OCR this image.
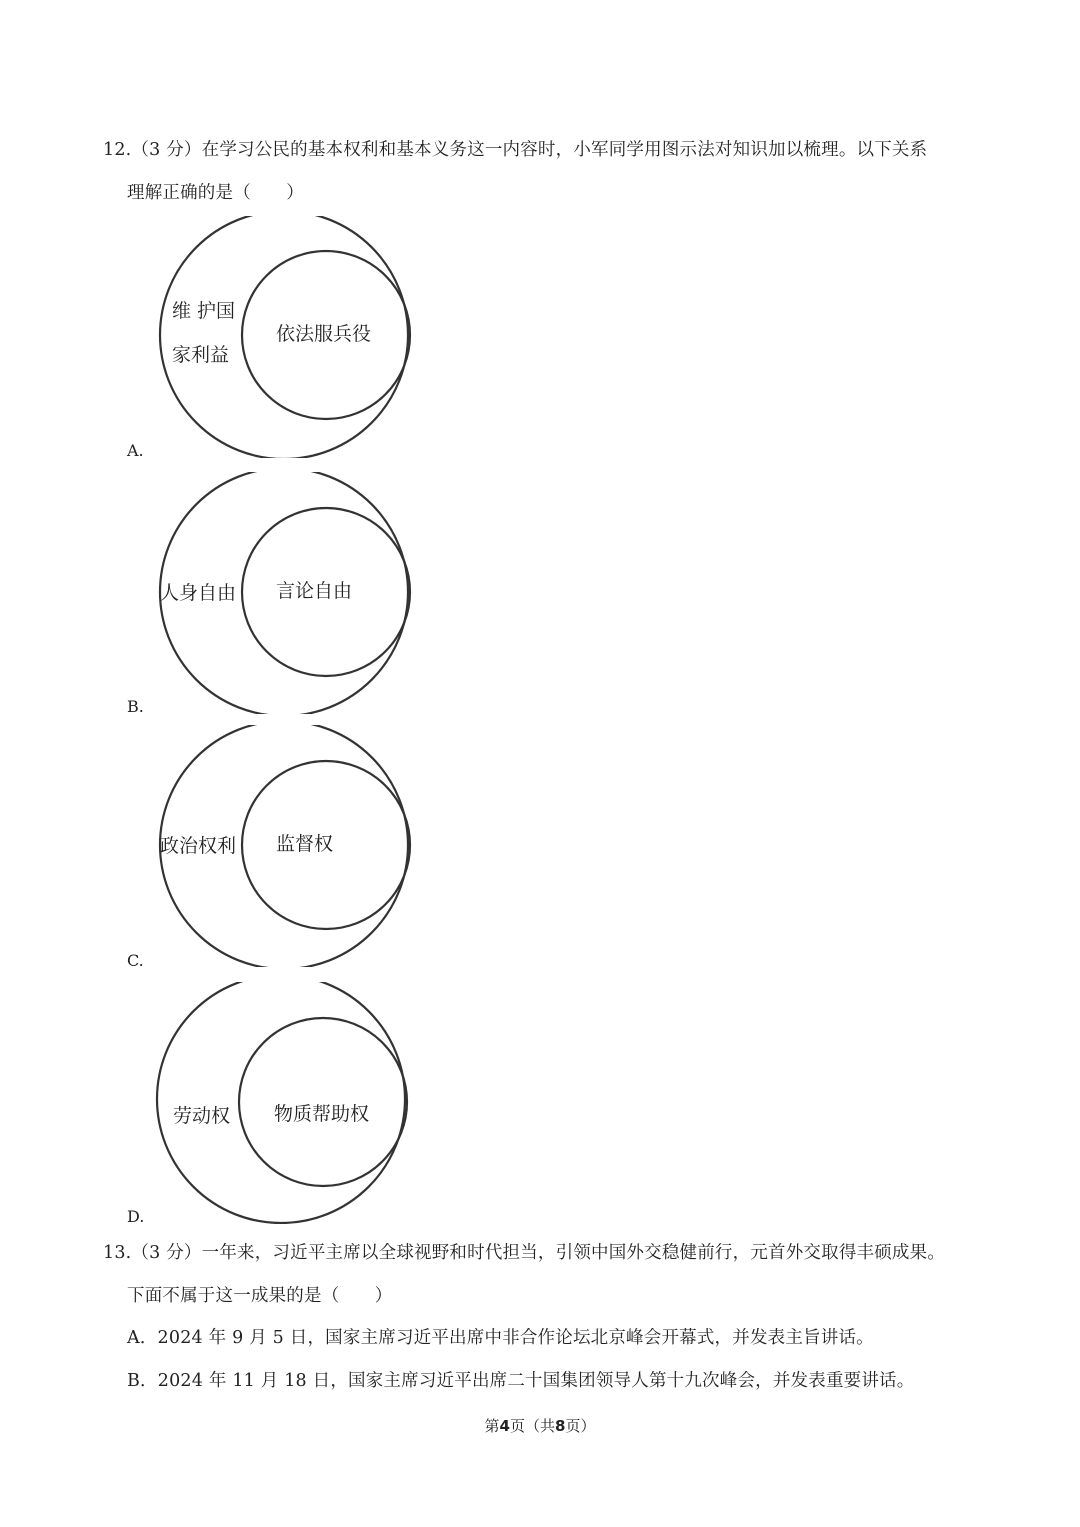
12.（3 分）在学习公民的基本权利和基本义务这一内容时，小军同学用图示法对知识加以梳理。以下关系
理解正确的是（　　）
维 护国
家利益
依法服兵役
A.
人身自由 言论自由
B.
政治权利 监督权
C.
劳动权 物质帮助权
D.
13.（3 分）一年来，习近平主席以全球视野和时代担当，引领中国外交稳健前行，元首外交取得丰硕成果。
下面不属于这一成果的是（　　）
A．2024 年 9 月 5 日，国家主席习近平出席中非合作论坛北京峰会开幕式，并发表主旨讲话。
B．2024 年 11 月 18 日，国家主席习近平出席二十国集团领导人第十九次峰会，并发表重要讲话。
第4页（共8页）
